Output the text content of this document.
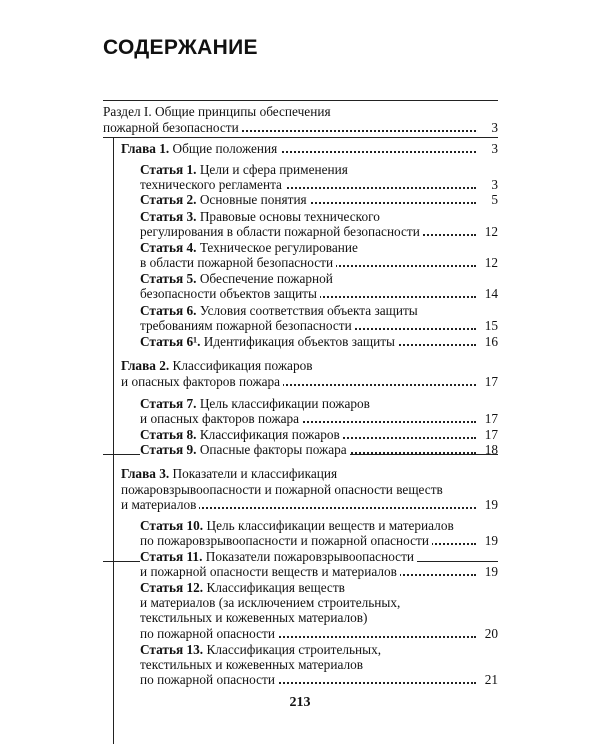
СОДЕРЖАНИЕ
Раздел I. Общие принципы обеспечения
пожарной безопасности	3
Глава 1. Общие положения	3
Статья 1. Цели и сфера применения
технического регламента	3
Статья 2. Основные понятия	5
Статья 3. Правовые основы технического
регулирования в области пожарной безопасности	12
Статья 4. Техническое регулирование
в области пожарной безопасности	12
Статья 5. Обеспечение пожарной
безопасности объектов защиты	14
Статья 6. Условия соответствия объекта защиты
требованиям пожарной безопасности	15
Статья 6¹. Идентификация объектов защиты	16
Глава 2. Классификация пожаров
и опасных факторов пожара	17
Статья 7. Цель классификации пожаров
и опасных факторов пожара	17
Статья 8. Классификация пожаров	17
Статья 9. Опасные факторы пожара	18
Глава 3. Показатели и классификация
пожаровзрывоопасности и пожарной опасности веществ
и материалов	19
Статья 10. Цель классификации веществ и материалов
по пожаровзрывоопасности и пожарной опасности	19
Статья 11. Показатели пожаровзрывоопасности
и пожарной опасности веществ и материалов	19
Статья 12. Классификация веществ
и материалов (за исключением строительных,
текстильных и кожевенных материалов)
по пожарной опасности	20
Статья 13. Классификация строительных,
текстильных и кожевенных материалов
по пожарной опасности	21
213
